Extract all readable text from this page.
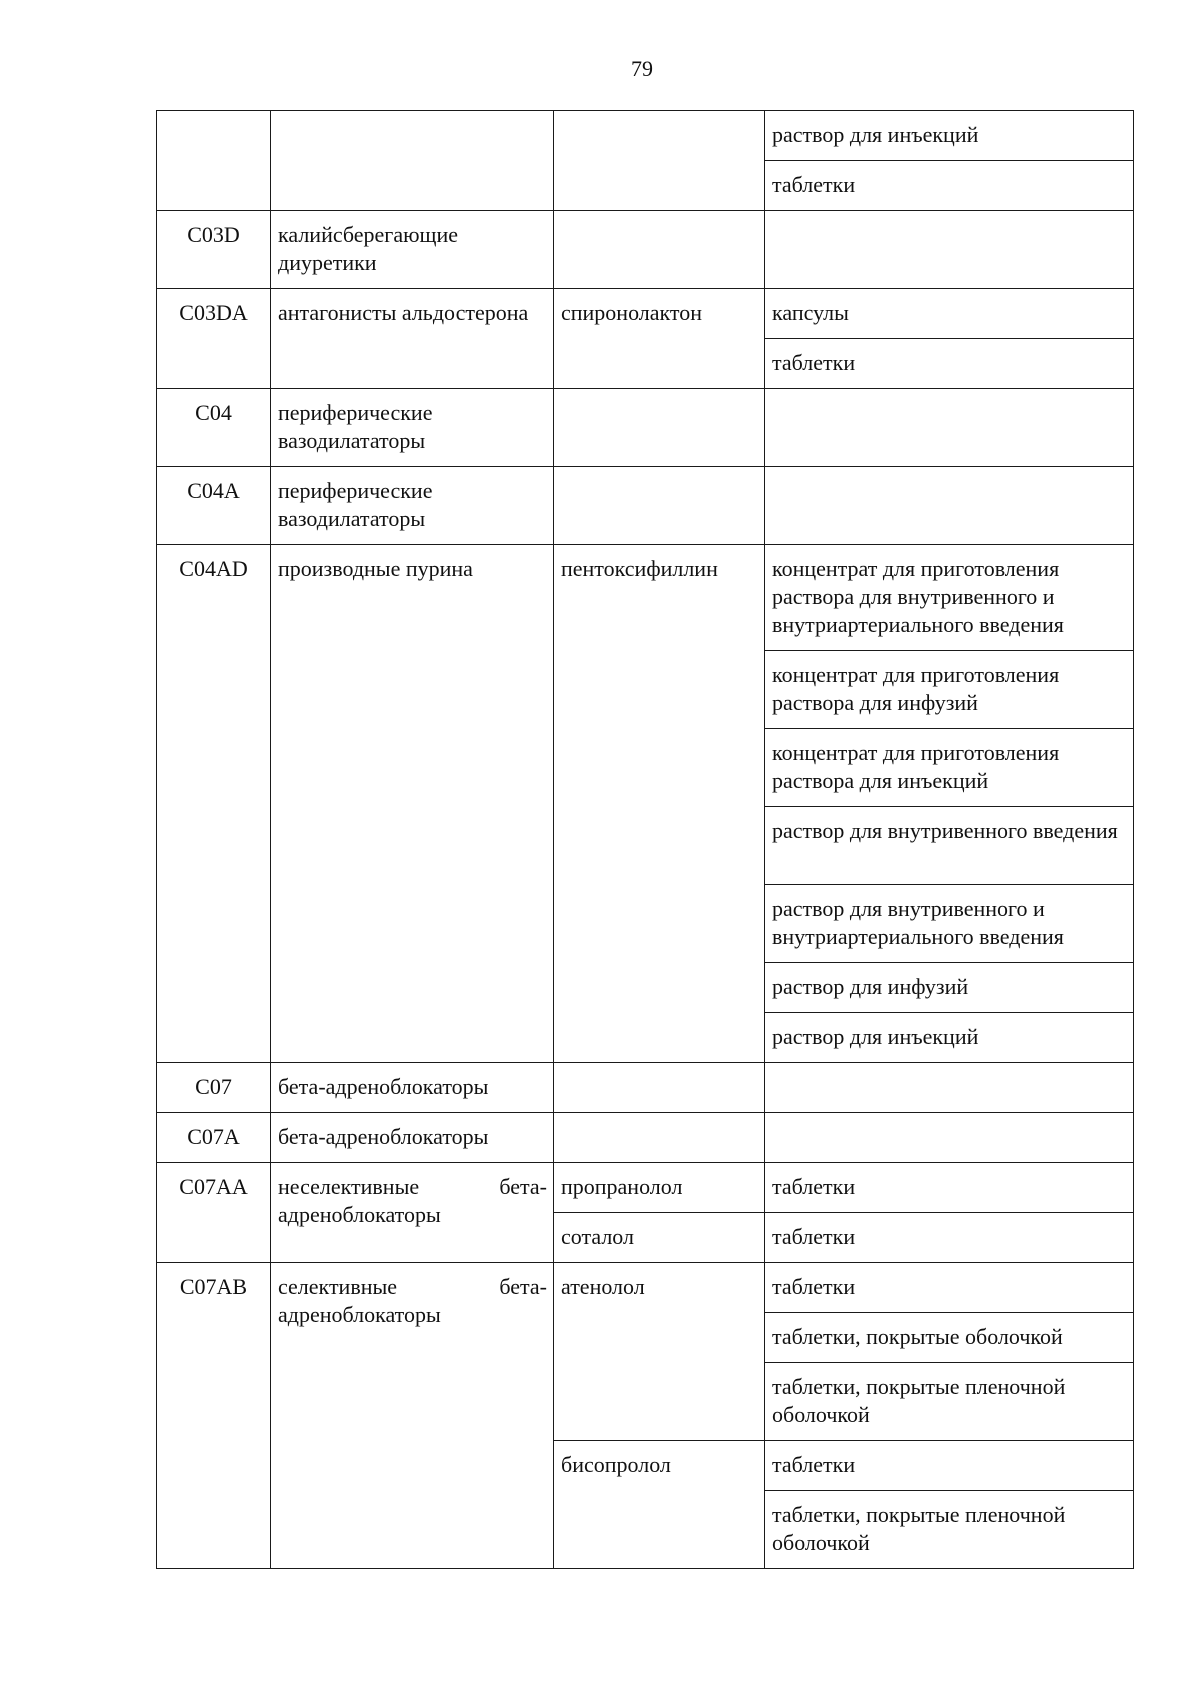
79
			раствор для инъекций
			таблетки
C03D	калийсберегающие диуретики		
C03DA	антагонисты альдостерона	спиронолактон	капсулы
			таблетки
C04	периферические вазодилататоры		
C04A	периферические вазодилататоры		
C04AD	производные пурина	пентоксифиллин	концентрат для приготовления раствора для внутривенного и внутриартериального введения
			концентрат для приготовления раствора для инфузий
			концентрат для приготовления раствора для инъекций
			раствор для внутривенного введения
			раствор для внутривенного и внутриартериального введения
			раствор для инфузий
			раствор для инъекций
C07	бета-адреноблокаторы		
C07A	бета-адреноблокаторы		
C07AA	неселективные бета-адреноблокаторы	пропранолол	таблетки
		соталол	таблетки
C07AB	селективные бета-адреноблокаторы	атенолол	таблетки
			таблетки, покрытые оболочкой
			таблетки, покрытые пленочной оболочкой
		бисопролол	таблетки
			таблетки, покрытые пленочной оболочкой
